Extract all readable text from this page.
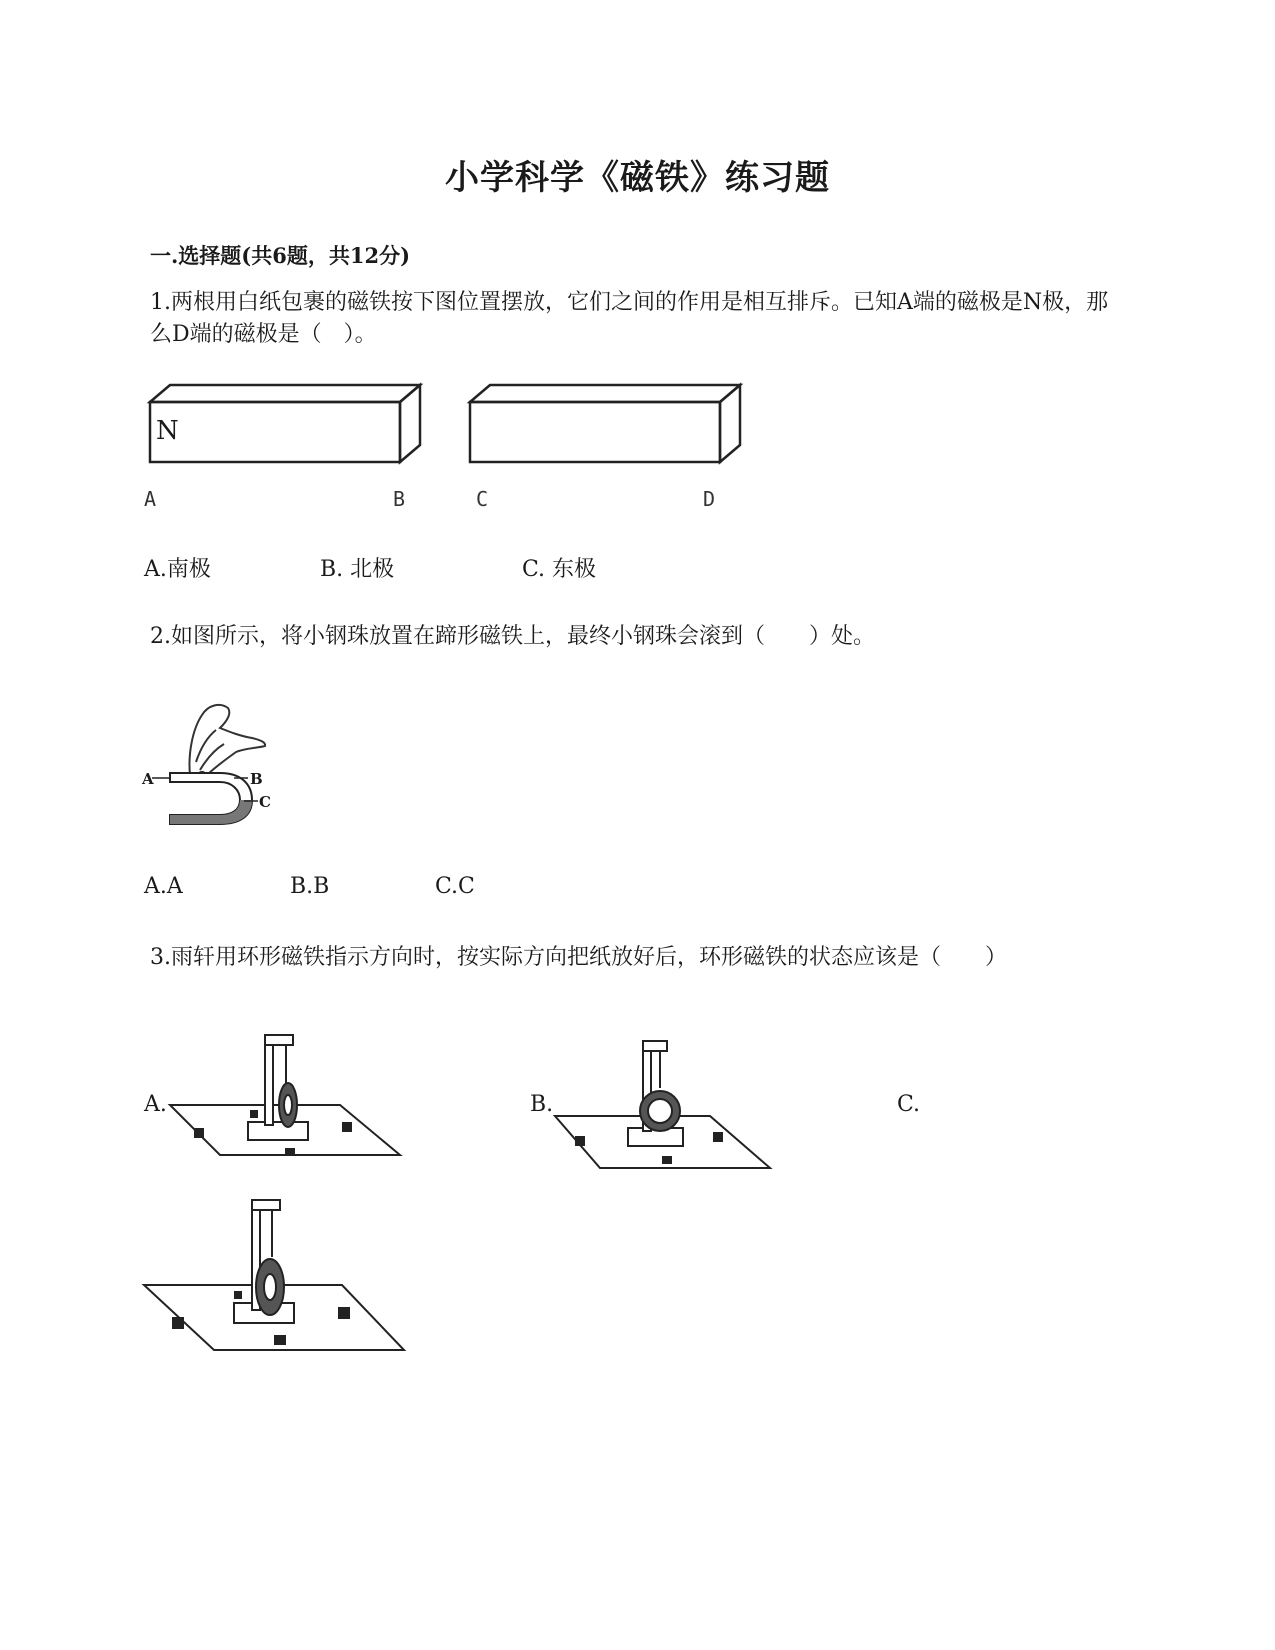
小学科学《磁铁》练习题
一.选择题(共6题，共12分)
1.两根用白纸包裹的磁铁按下图位置摆放，它们之间的作用是相互排斥。已知A端的磁极是N极，那么D端的磁极是（　）。
N
A	B	C	D
A.南极	B. 北极	C. 东极
2.如图所示，将小钢珠放置在蹄形磁铁上，最终小钢珠会滚到（　　）处。
A	B
C
A.A	B.B	C.C
3.雨轩用环形磁铁指示方向时，按实际方向把纸放好后，环形磁铁的状态应该是（　　）
A.	B.	C.
